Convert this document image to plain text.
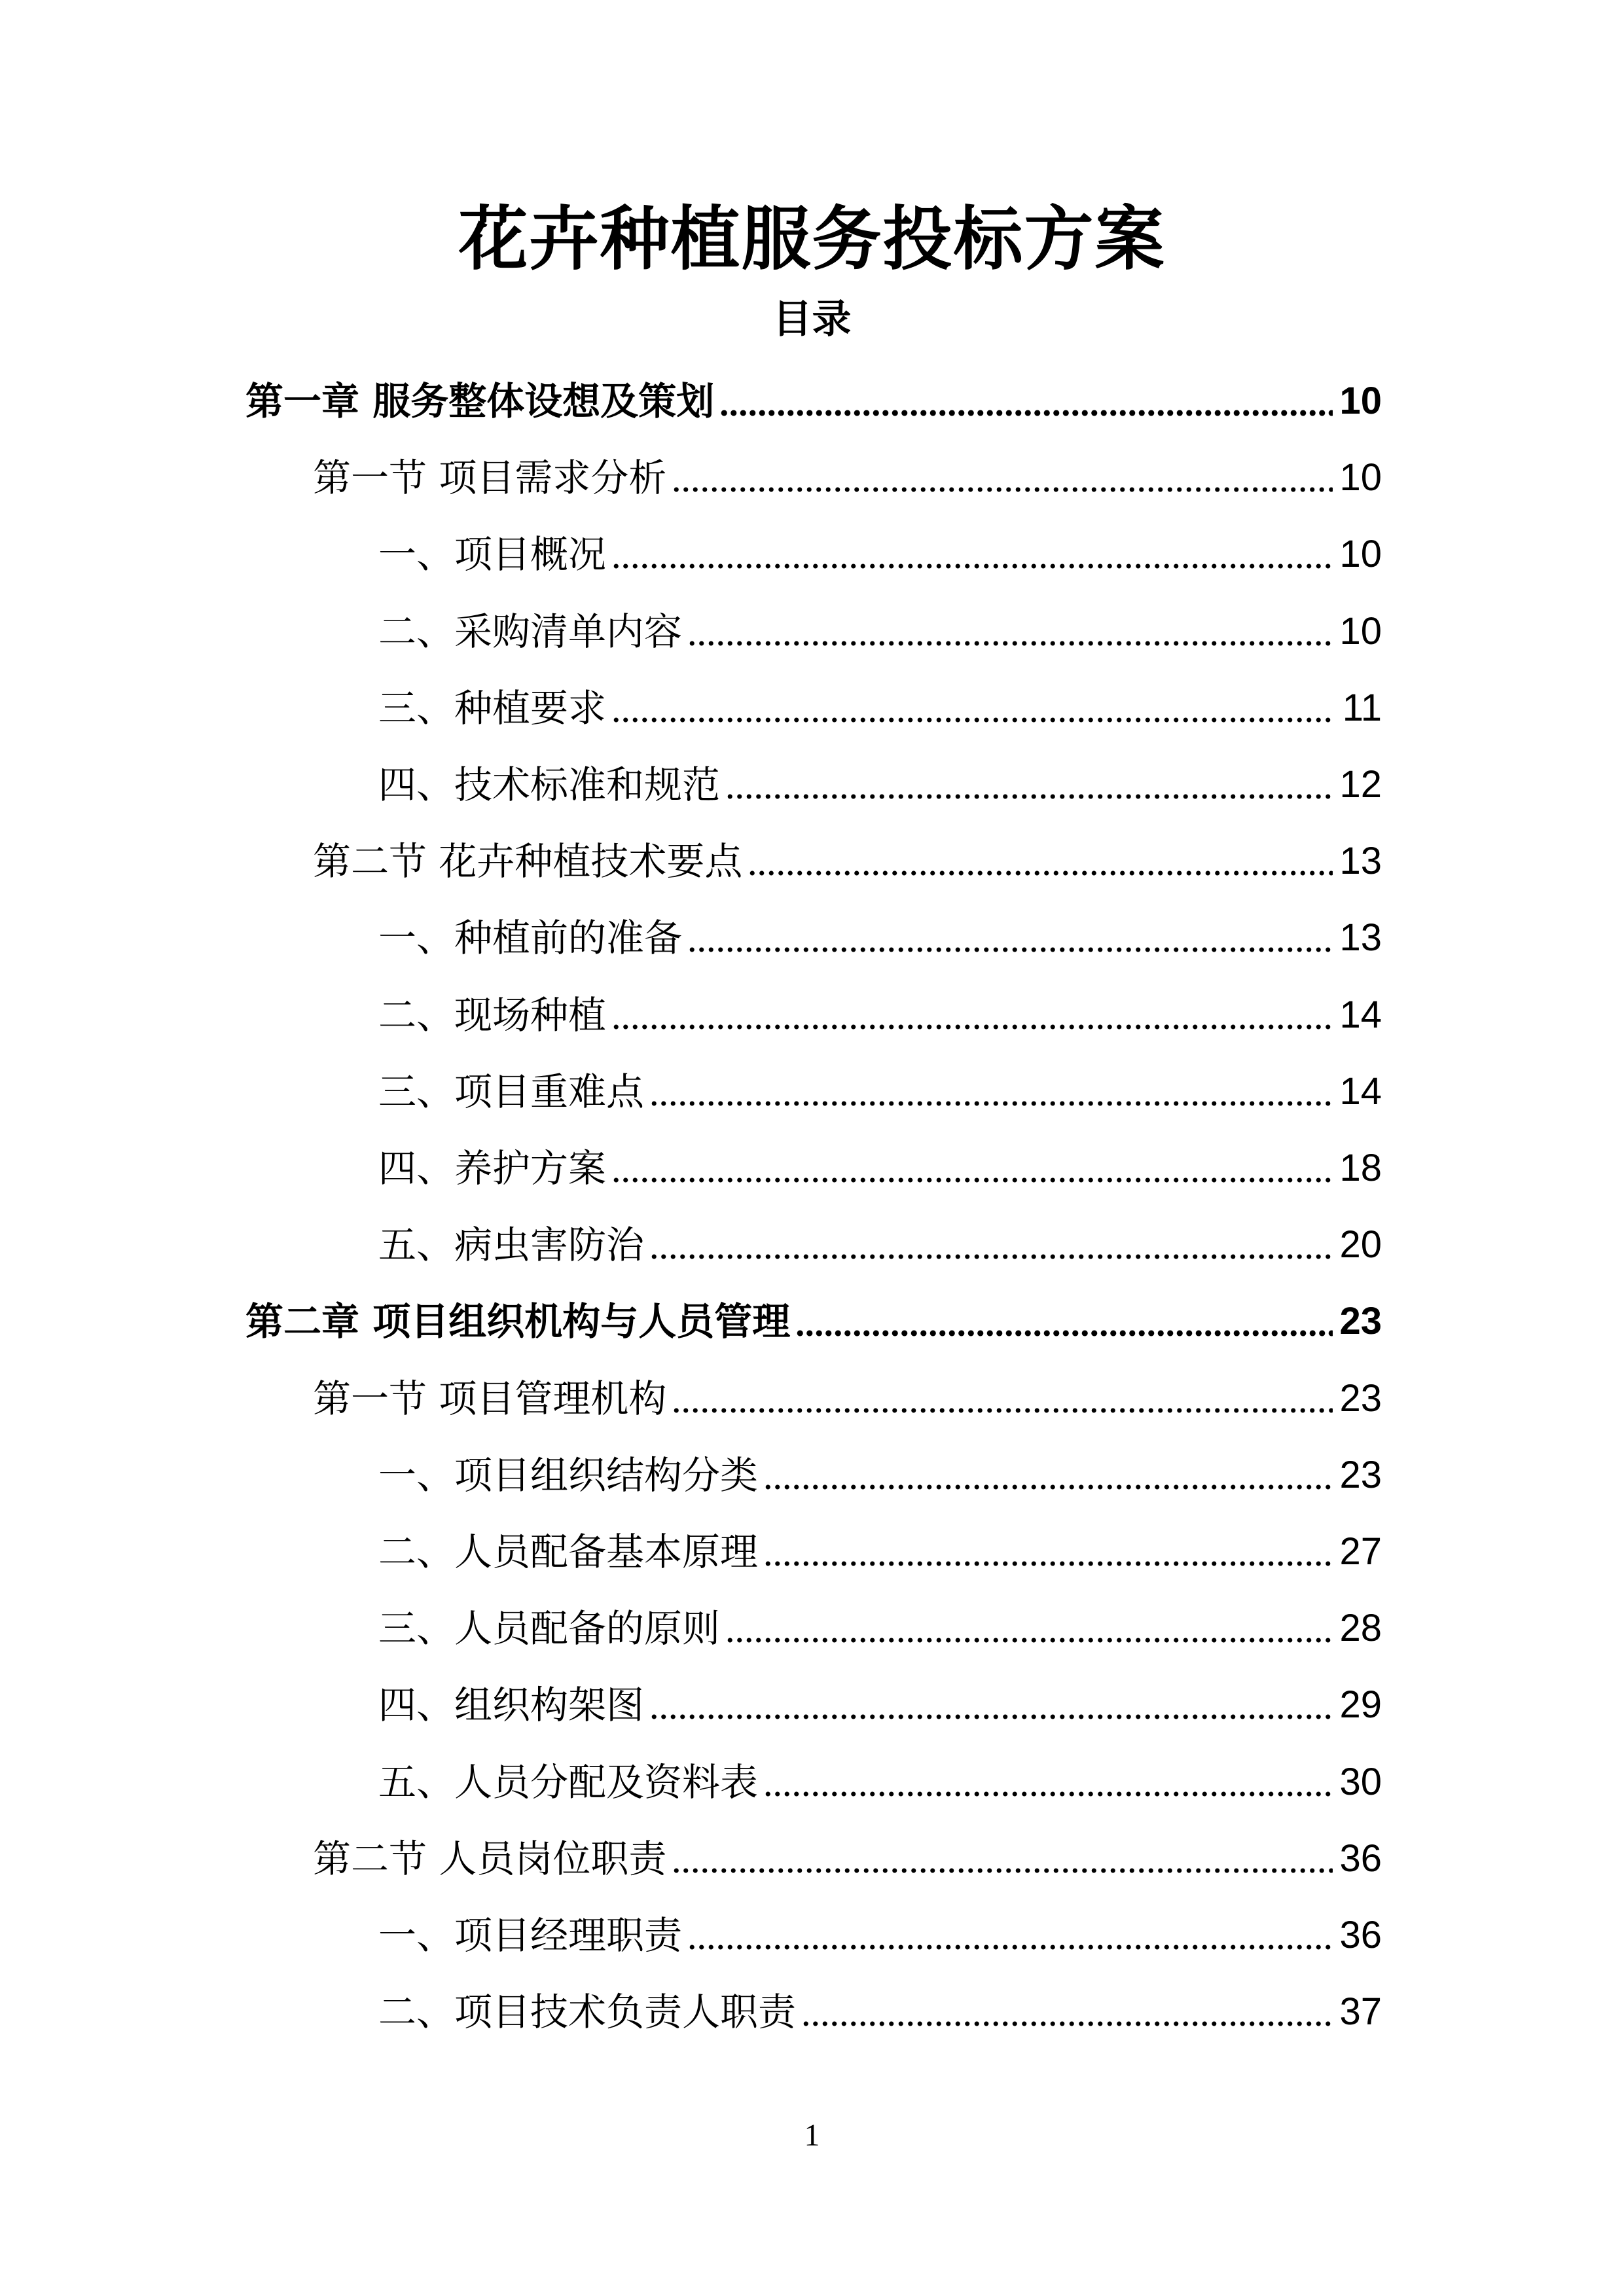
花卉种植服务投标方案
目录
第一章 服务整体设想及策划	10
第一节 项目需求分析	10
一、项目概况	10
二、采购清单内容	10
三、种植要求	11
四、技术标准和规范	12
第二节 花卉种植技术要点	13
一、种植前的准备	13
二、现场种植	14
三、项目重难点	14
四、养护方案	18
五、病虫害防治	20
第二章 项目组织机构与人员管理	23
第一节 项目管理机构	23
一、项目组织结构分类	23
二、人员配备基本原理	27
三、人员配备的原则	28
四、组织构架图	29
五、人员分配及资料表	30
第二节 人员岗位职责	36
一、项目经理职责	36
二、项目技术负责人职责	37
1
